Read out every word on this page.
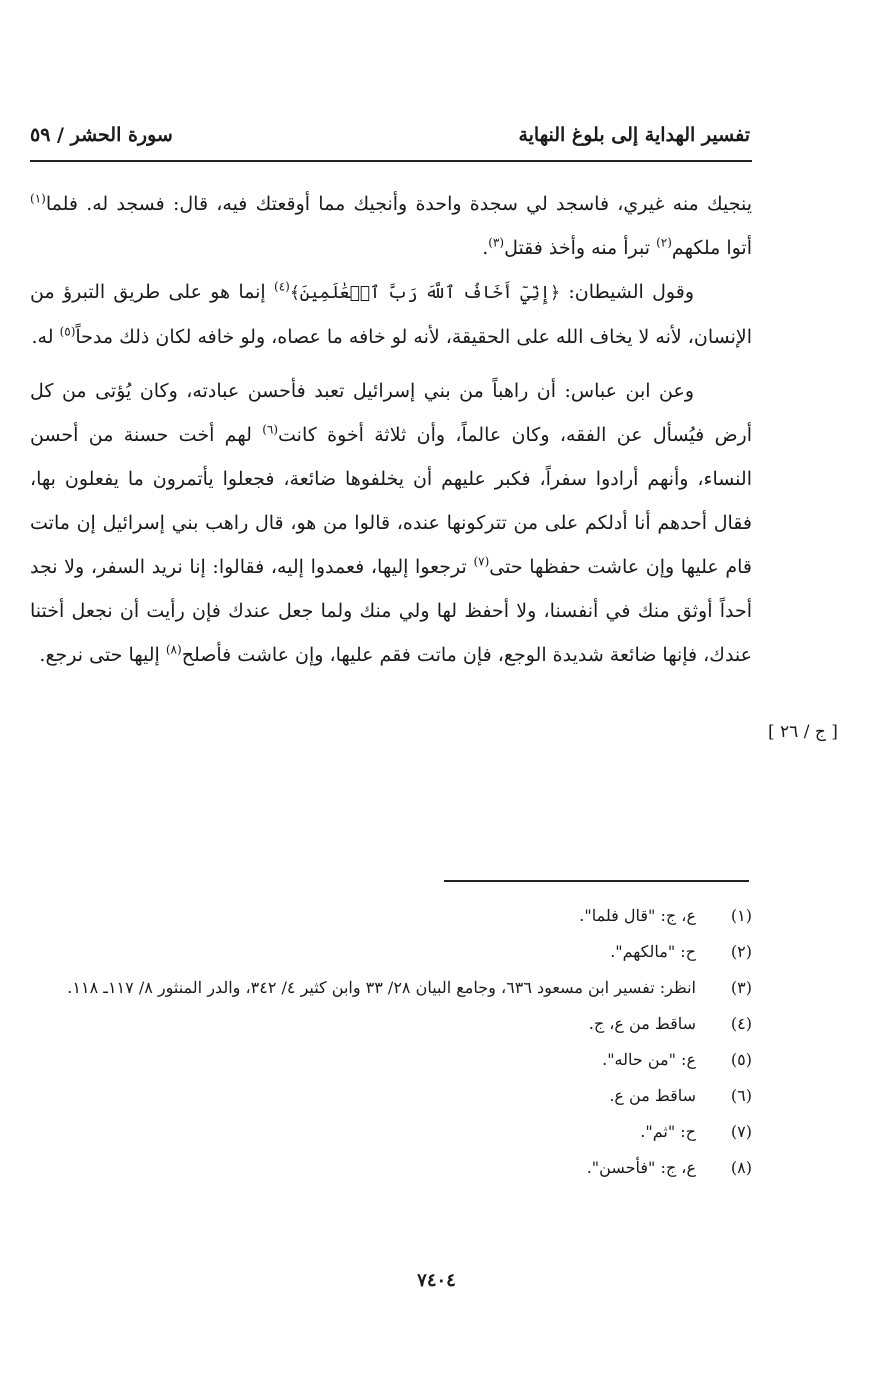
تفسير الهداية إلى بلوغ النهاية
سورة الحشر / ٥٩

ينجيك منه غيري، فاسجد لي سجدة واحدة وأنجيك مما أوقعتك فيه، قال: فسجد له. فلما$^{(١)}$ أتوا ملكهم$^{(٢)}$ تبرأ منه وأخذ فقتل$^{(٣)}$.

وقول الشيطان: ﴿إِنِّيٓ أَخَافُ ٱللَّهَ رَبَّ ٱلۡعَٰلَمِينَ﴾$^{(٤)}$ إنما هو على طريق التبرؤ من الإنسان، لأنه لا يخاف الله على الحقيقة، لأنه لو خافه ما عصاه، ولو خافه لكان ذلك مدحاً$^{(٥)}$ له.

وعن ابن عباس: أن راهباً من بني إسرائيل تعبد فأحسن عبادته، وكان يُؤتى من كل أرض فيُسأل عن الفقه، وكان عالماً، وأن ثلاثة أخوة كانت$^{(٦)}$ لهم أخت حسنة من أحسن النساء، وأنهم أرادوا سفراً، فكبر عليهم أن يخلفوها ضائعة، فجعلوا يأتمرون ما يفعلون بها، فقال أحدهم أنا أدلكم على من تتركونها عنده، قالوا من هو، قال راهب بني إسرائيل إن ماتت قام عليها وإن عاشت حفظها حتى$^{(٧)}$ ترجعوا إليها، فعمدوا إليه، فقالوا: إنا نريد السفر، ولا نجد أحداً أوثق منك في أنفسنا، ولا أحفظ لها ولي منك ولما جعل عندك فإن رأيت أن نجعل أختنا عندك، فإنها ضائعة شديدة الوجع، فإن ماتت فقم عليها، وإن عاشت فأصلح$^{(٨)}$ إليها حتى نرجع.

[ ج / ٢٦ ]
(١)
ع، ج: "قال فلما".
(٢)
ح: "مالكهم".
(٣)
انظر: تفسير ابن مسعود ٦٣٦، وجامع البيان ٢٨/ ٣٣ وابن كثير ٤/ ٣٤٢، والدر المنثور ٨/ ١١٧ـ ١١٨.
(٤)
ساقط من ع، ج.
(٥)
ع: "من حاله".
(٦)
ساقط من ع.
(٧)
ح: "ثم".
(٨)
ع، ج: "فأحسن".
٧٤٠٤
